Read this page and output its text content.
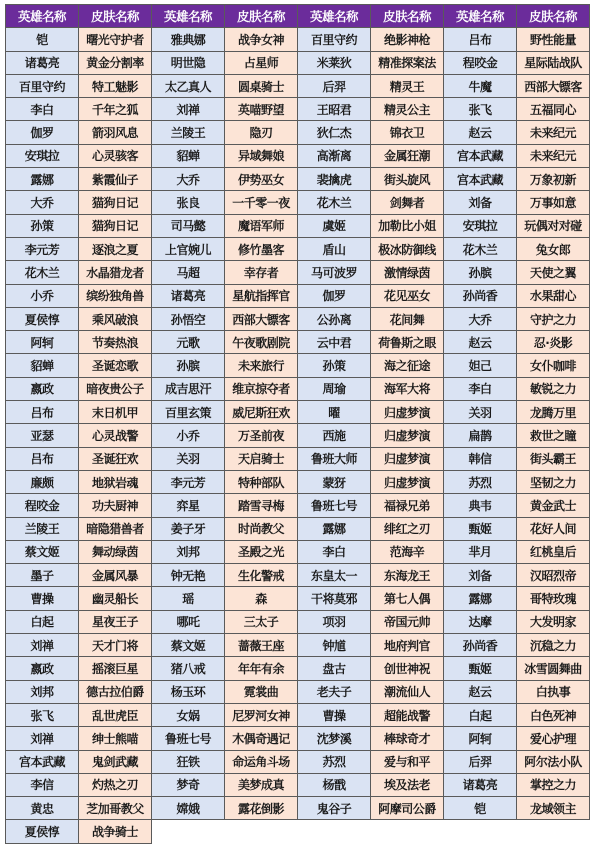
英雄名称	皮肤名称	英雄名称	皮肤名称	英雄名称	皮肤名称	英雄名称	皮肤名称
铠	曙光守护者	雅典娜	战争女神	百里守约	绝影神枪	吕布	野性能量
诸葛亮	黄金分割率	明世隐	占星师	米莱狄	精准探案法	程咬金	星际陆战队
百里守约	特工魅影	太乙真人	圆桌骑士	后羿	精灵王	牛魔	西部大镖客
李白	千年之狐	刘禅	英喵野望	王昭君	精灵公主	张飞	五福同心
伽罗	箭羽风息	兰陵王	隐刃	狄仁杰	锦衣卫	赵云	未来纪元
安琪拉	心灵骇客	貂蝉	异域舞娘	高渐离	金属狂潮	宫本武藏	未来纪元
露娜	紫霞仙子	大乔	伊势巫女	裴擒虎	街头旋风	宫本武藏	万象初新
大乔	猫狗日记	张良	一千零一夜	花木兰	剑舞者	刘备	万事如意
孙策	猫狗日记	司马懿	魔语军师	虞姬	加勒比小姐	安琪拉	玩偶对对碰
李元芳	逐浪之夏	上官婉儿	修竹墨客	盾山	极冰防御线	花木兰	兔女郎
花木兰	水晶猎龙者	马超	幸存者	马可波罗	激情绿茵	孙膑	天使之翼
小乔	缤纷独角兽	诸葛亮	星航指挥官	伽罗	花见巫女	孙尚香	水果甜心
夏侯惇	乘风破浪	孙悟空	西部大镖客	公孙离	花间舞	大乔	守护之力
阿轲	节奏热浪	元歌	午夜歌剧院	云中君	荷鲁斯之眼	赵云	忍·炎影
貂蝉	圣诞恋歌	孙膑	未来旅行	孙策	海之征途	妲己	女仆咖啡
嬴政	暗夜贵公子	成吉思汗	维京掠夺者	周瑜	海军大将	李白	敏锐之力
吕布	末日机甲	百里玄策	威尼斯狂欢	曜	归虚梦演	关羽	龙腾万里
亚瑟	心灵战警	小乔	万圣前夜	西施	归虚梦演	扁鹊	救世之瞳
吕布	圣诞狂欢	关羽	天启骑士	鲁班大师	归虚梦演	韩信	街头霸王
廉颇	地狱岩魂	李元芳	特种部队	蒙犽	归虚梦演	苏烈	坚韧之力
程咬金	功夫厨神	弈星	踏雪寻梅	鲁班七号	福禄兄弟	典韦	黄金武士
兰陵王	暗隐猎兽者	姜子牙	时尚教父	露娜	绯红之刃	甄姬	花好人间
蔡文姬	舞动绿茵	刘邦	圣殿之光	李白	范海辛	芈月	红桃皇后
墨子	金属风暴	钟无艳	生化警戒	东皇太一	东海龙王	刘备	汉昭烈帝
曹操	幽灵船长	瑶	森	干将莫邪	第七人偶	露娜	哥特玫瑰
白起	星夜王子	哪吒	三太子	项羽	帝国元帅	达摩	大发明家
刘禅	天才门将	蔡文姬	蔷薇王座	钟馗	地府判官	孙尚香	沉稳之力
嬴政	摇滚巨星	猪八戒	年年有余	盘古	创世神祝	甄姬	冰雪圆舞曲
刘邦	德古拉伯爵	杨玉环	霓裳曲	老夫子	潮流仙人	赵云	白执事
张飞	乱世虎臣	女娲	尼罗河女神	曹操	超能战警	白起	白色死神
刘禅	绅士熊喵	鲁班七号	木偶奇遇记	沈梦溪	棒球奇才	阿轲	爱心护理
宫本武藏	鬼剑武藏	狂铁	命运角斗场	苏烈	爱与和平	后羿	阿尔法小队
李信	灼热之刃	梦奇	美梦成真	杨戬	埃及法老	诸葛亮	掌控之力
黄忠	芝加哥教父	嫦娥	露花倒影	鬼谷子	阿摩司公爵	铠	龙域领主
夏侯惇	战争骑士						
